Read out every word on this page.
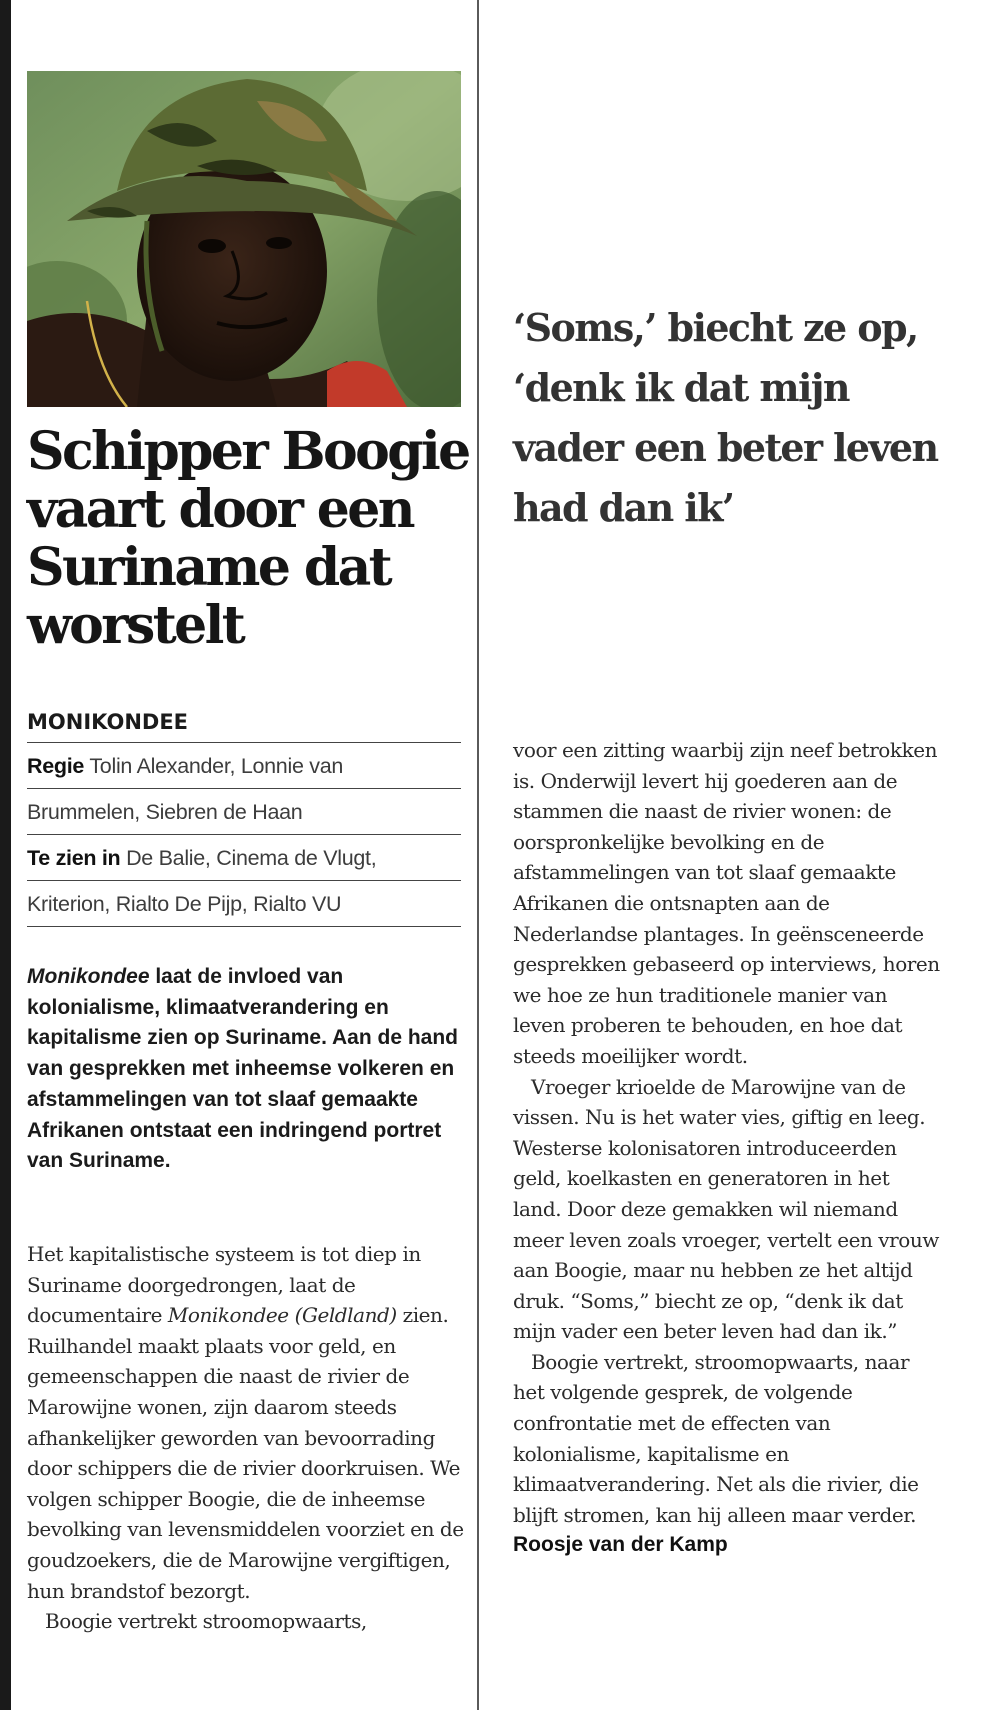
Schipper Boogie vaart door een Suriname dat worstelt
MONIKONDEE
Regie Tolin Alexander, Lonnie van
Brummelen, Siebren de Haan
Te zien in De Balie, Cinema de Vlugt,
Kriterion, Rialto De Pijp, Rialto VU

Monikondee laat de invloed van kolonialisme, klimaatverandering en kapitalisme zien op Suriname. Aan de hand van gesprekken met inheemse volkeren en afstammelingen van tot slaaf gemaakte Afrikanen ontstaat een indringend portret van Suriname.

Het kapitalistische systeem is tot diep in Suriname doorgedrongen, laat de documentaire Monikondee (Geldland) zien. Ruilhandel maakt plaats voor geld, en gemeenschappen die naast de rivier de Marowijne wonen, zijn daarom steeds afhankelijker geworden van bevoorrading door schippers die de rivier doorkruisen. We volgen schipper Boogie, die de inheemse bevolking van levensmiddelen voorziet en de goudzoekers, die de Marowijne vergiftigen, hun brandstof bezorgt.

Boogie vertrekt stroomopwaarts,

‘Soms,’ biecht ze op,
‘denk ik dat mijn
vader een beter leven
had dan ik’

voor een zitting waarbij zijn neef betrokken is. Onderwijl levert hij goederen aan de stammen die naast de rivier wonen: de oorspronkelijke bevolking en de afstammelingen van tot slaaf gemaakte Afrikanen die ontsnapten aan de Nederlandse plantages. In geënsceneerde gesprekken gebaseerd op interviews, horen we hoe ze hun traditionele manier van leven proberen te behouden, en hoe dat steeds moeilijker wordt.

Vroeger krioelde de Marowijne van de vissen. Nu is het water vies, giftig en leeg. Westerse kolonisatoren introduceerden geld, koelkasten en generatoren in het land. Door deze gemakken wil niemand meer leven zoals vroeger, vertelt een vrouw aan Boogie, maar nu hebben ze het altijd druk. “Soms,” biecht ze op, “denk ik dat mijn vader een beter leven had dan ik.”

Boogie vertrekt, stroomopwaarts, naar het volgende gesprek, de volgende confrontatie met de effecten van kolonialisme, kapitalisme en klimaatverandering. Net als die rivier, die blijft stromen, kan hij alleen maar verder.

Roosje van der Kamp
